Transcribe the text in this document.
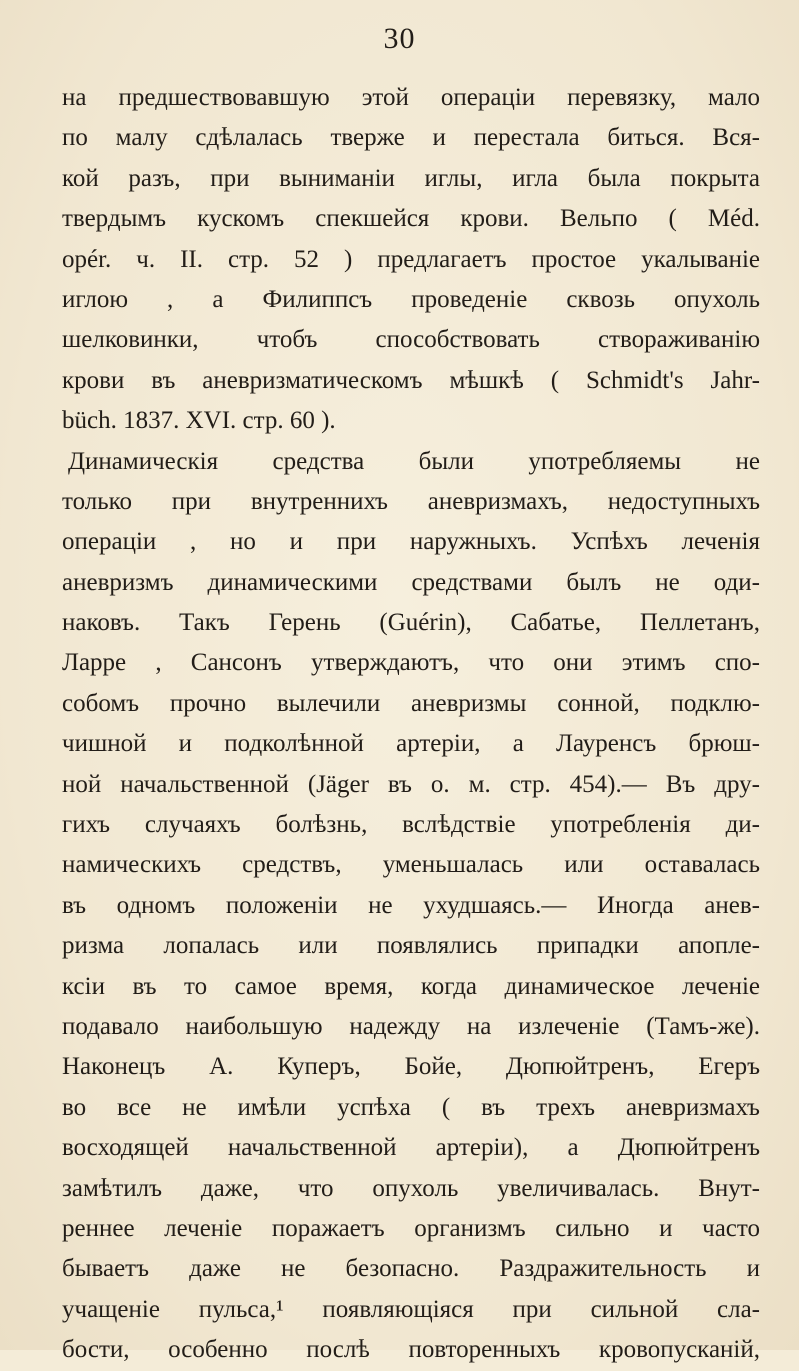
30
на предшествовавшую этой операціи перевязку, мало
по малу сдѣлалась тверже и перестала биться. Вся-
кой разъ, при выниманіи иглы, игла была покрыта
твердымъ кускомъ спекшейся крови. Вельпо ( Méd.
opér. ч. II. стр. 52 ) предлагаетъ простое укалываніе
иглою , а Филиппсъ проведеніе сквозь опухоль
шелковинки, чтобъ способствовать створаживанію
крови въ аневризматическомъ мѣшкѣ ( Schmidt's Jahr-
büch. 1837. XVI. стр. 60 ).
Динамическія средства были употребляемы не
только при внутреннихъ аневризмахъ, недоступныхъ
операціи , но и при наружныхъ. Успѣхъ леченія
аневризмъ динамическими средствами былъ не оди-
наковъ. Такъ Герень (Guérin), Сабатье, Пеллетанъ,
Ларре , Сансонъ утверждаютъ, что они этимъ спо-
собомъ прочно вылечили аневризмы сонной, подклю-
чишной и подколѣнной артеріи, а Лауренсъ брюш-
ной начальственной (Jäger въ о. м. стр. 454).— Въ дру-
гихъ случаяхъ болѣзнь, вслѣдствіе употребленія ди-
намическихъ средствъ, уменьшалась или оставалась
въ одномъ положеніи не ухудшаясь.— Иногда анев-
ризма лопалась или появлялись припадки апопле-
ксіи въ то самое время, когда динамическое леченіе
подавало наибольшую надежду на излеченіе (Тамъ-же).
Наконецъ А. Куперъ, Бойе, Дюпюйтренъ, Егеръ
во все не имѣли успѣха ( въ трехъ аневризмахъ
восходящей начальственной артеріи), а Дюпюйтренъ
замѣтилъ даже, что опухоль увеличивалась. Внут-
реннее леченіе поражаетъ организмъ сильно и часто
бываетъ даже не безопасно. Раздражительность и
учащеніе пульса,¹ появляющіяся при сильной сла-
бости, особенно послѣ повторенныхъ кровопусканій,
